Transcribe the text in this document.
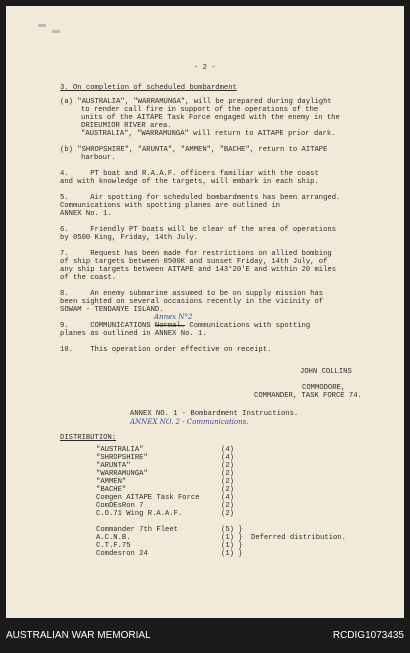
- 2 -
3. On completion of scheduled bombardment
(a) "AUSTRALIA", "WARRAMUNGA", will be prepared during daylight
to render call fire in support of the operations of the
units of the AITAPE Task Force engaged with the enemy in the
DRIEUMIOR RIVER area.
"AUSTRALIA", "WARRAMUNGA" will return to AITAPE prior dark.
(b) "SHROPSHIRE", "ARUNTA", "AMMEN", "BACHE", return to AITAPE
harbour.
4.     PT boat and R.A.A.F. officers familiar with the coast
and with knowledge of the targets, will embark in each ship.
5.     Air spotting for scheduled bombardments has been arranged.
Communications with spotting planes are outlined in
ANNEX No. 1.
6.     Friendly PT boats will be clear of the area of operations
by 0500 King, Friday, 14th July.
7.     Request has been made for restrictions on allied bombing
of ship targets between 0500K and sunset Friday, 14th July, of
any ship targets between AITAPE and 143°20'E and within 20 miles
of the coast.
8.     An enemy submarine assumed to be on supply mission has
been sighted on several occasions recently in the vicinity of
SOWAM - TENDANYE ISLAND.
Annex N°2
9.     COMMUNICATIONS Normal. Communications with spotting
planes as outlined in ANNEX No. 1.
10.    This operation order effective on receipt.
JOHN COLLINS
COMMODORE,
COMMANDER, TASK FORCE 74.
ANNEX NO. 1 - Bombardment Instructions.
ANNEX NO. 2 - Communications.
DISTRIBUTION:
"AUSTRALIA"	(4)
"SHROPSHIRE"	(4)
"ARUNTA"	(2)
"WARRAMUNGA"	(2)
"AMMEN"	(2)
"BACHE"	(2)
Comgen AITAPE Task Force	(4)
ComDEsRon 7	(2)
C.O.71 Wing R.A.A.F.	(2)
Commander 7th Fleet	(5) }
A.C.N.B.	(1) }
C.T.F.75	(1) }
Comdesron 24	(1) }
Deferred distribution.
AUSTRALIAN WAR MEMORIAL	RCDIG1073435
